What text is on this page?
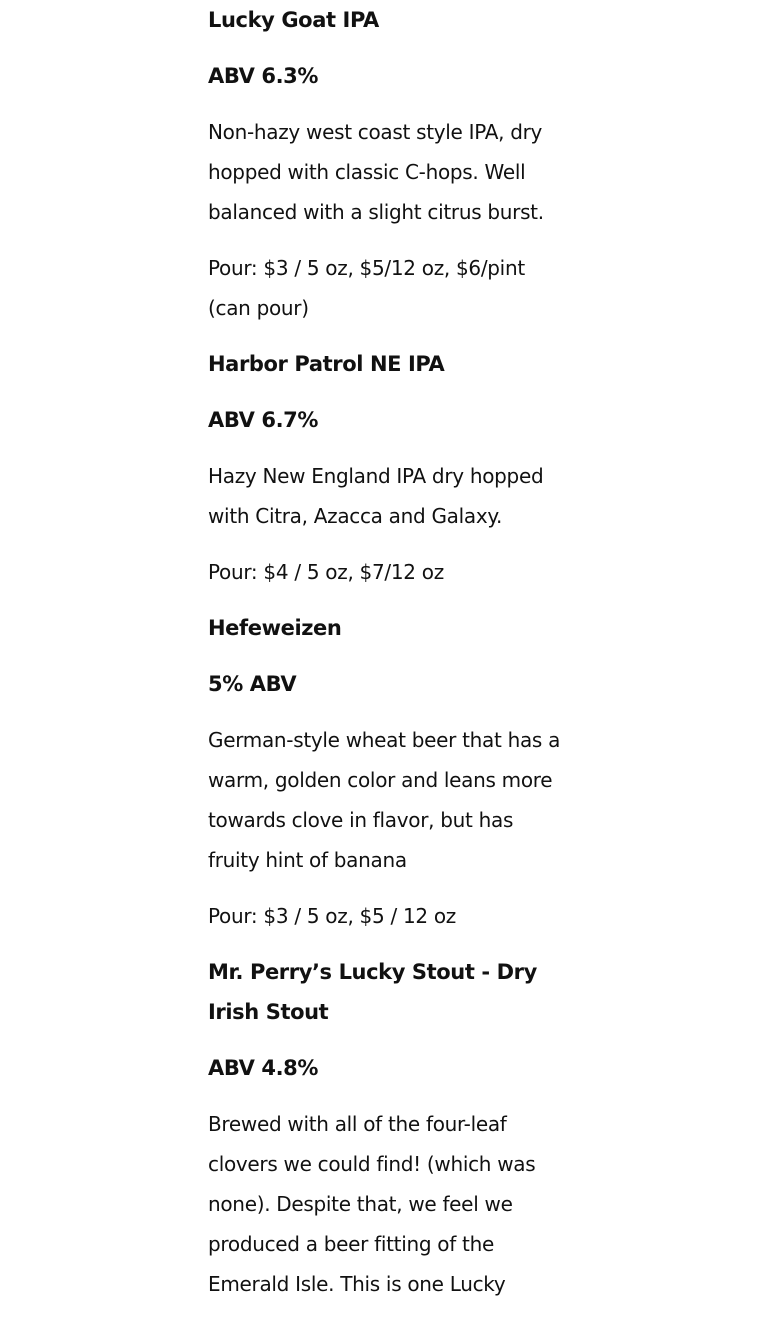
Lucky Goat IPA
ABV 6.3%
Non-hazy west coast style IPA, dry hopped with classic C-hops. Well balanced with a slight citrus burst.
Pour: $3 / 5 oz, $5/12 oz, $6/pint (can pour)
Harbor Patrol NE IPA
ABV 6.7%
Hazy New England IPA dry hopped with Citra, Azacca and Galaxy.
Pour: $4 / 5 oz, $7/12 oz
Hefeweizen
5% ABV
German-style wheat beer that has a warm, golden color and leans more towards clove in flavor, but has fruity hint of banana
Pour: $3 / 5 oz, $5 / 12 oz
Mr. Perry’s Lucky Stout - Dry Irish Stout
ABV 4.8%
Brewed with all of the four-leaf clovers we could find! (which was none). Despite that, we feel we produced a beer fitting of the Emerald Isle. This is one Lucky
